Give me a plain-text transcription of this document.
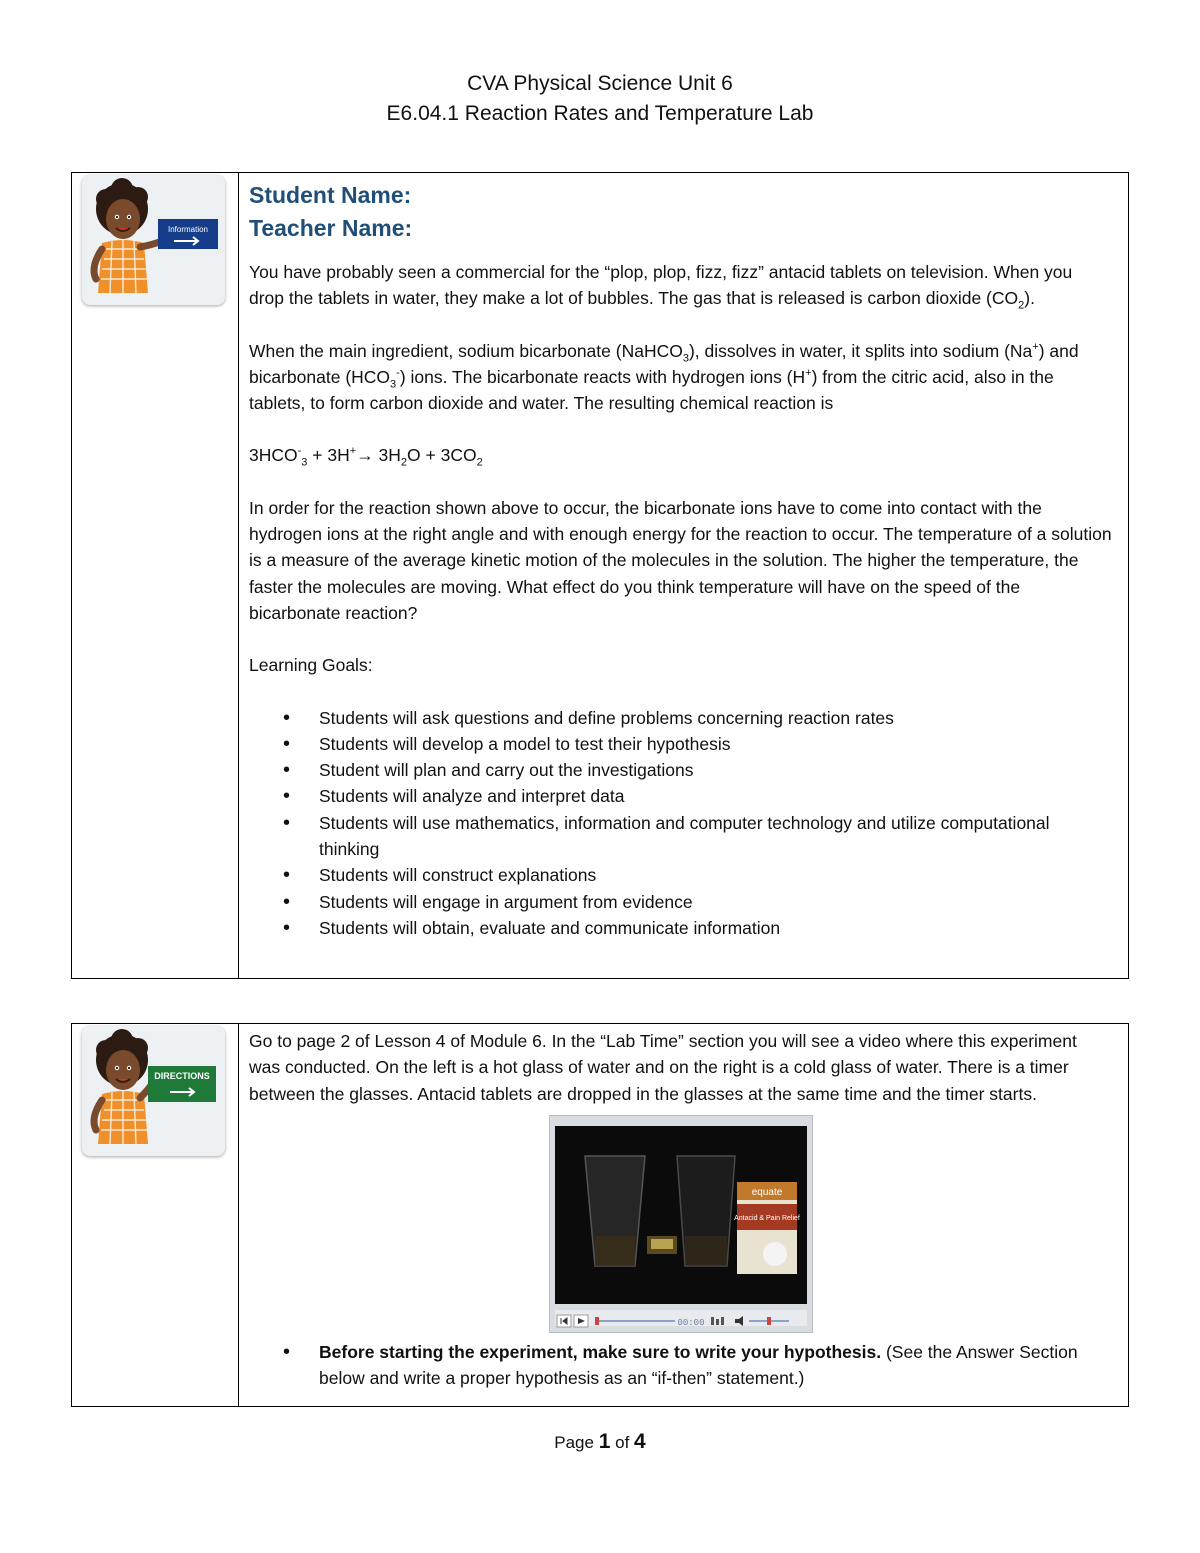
CVA Physical Science Unit 6
E6.04.1 Reaction Rates and Temperature Lab
Information
Student Name:
Teacher Name:

You have probably seen a commercial for the “plop, plop, fizz, fizz” antacid tablets on television. When you drop the tablets in water, they make a lot of bubbles. The gas that is released is carbon dioxide $(CO_2)$.

When the main ingredient, sodium bicarbonate (NaHCO$_3$), dissolves in water, it splits into sodium (Na+) and bicarbonate $(HCO_3^-)$ ions. The bicarbonate reacts with hydrogen ions (H+) from the citric acid, also in the tablets, to form carbon dioxide and water. The resulting chemical reaction is

$3HCO^-_3 + 3H^+\to 3H_2O + 3CO_2$

In order for the reaction shown above to occur, the bicarbonate ions have to come into contact with the hydrogen ions at the right angle and with enough energy for the reaction to occur. The temperature of a solution is a measure of the average kinetic motion of the molecules in the solution. The higher the temperature, the faster the molecules are moving. What effect do you think temperature will have on the speed of the bicarbonate reaction?

Learning Goals:

• Students will ask questions and define problems concerning reaction rates
• Students will develop a model to test their hypothesis
• Student will plan and carry out the investigations
• Students will analyze and interpret data
• Students will use mathematics, information and computer technology and utilize computational thinking
• Students will construct explanations
• Students will engage in argument from evidence
• Students will obtain, evaluate and communicate information
DIRECTIONS

Go to page 2 of Lesson 4 of Module 6. In the “Lab Time” section you will see a video where this experiment was conducted. On the left is a hot glass of water and on the right is a cold glass of water. There is a timer between the glasses. Antacid tablets are dropped in the glasses at the same time and the timer starts.

equate
Antacid & Pain Relief
00:00

• Before starting the experiment, make sure to write your hypothesis. (See the Answer Section below and write a proper hypothesis as an “if-then” statement.)

Page 1 of 4
